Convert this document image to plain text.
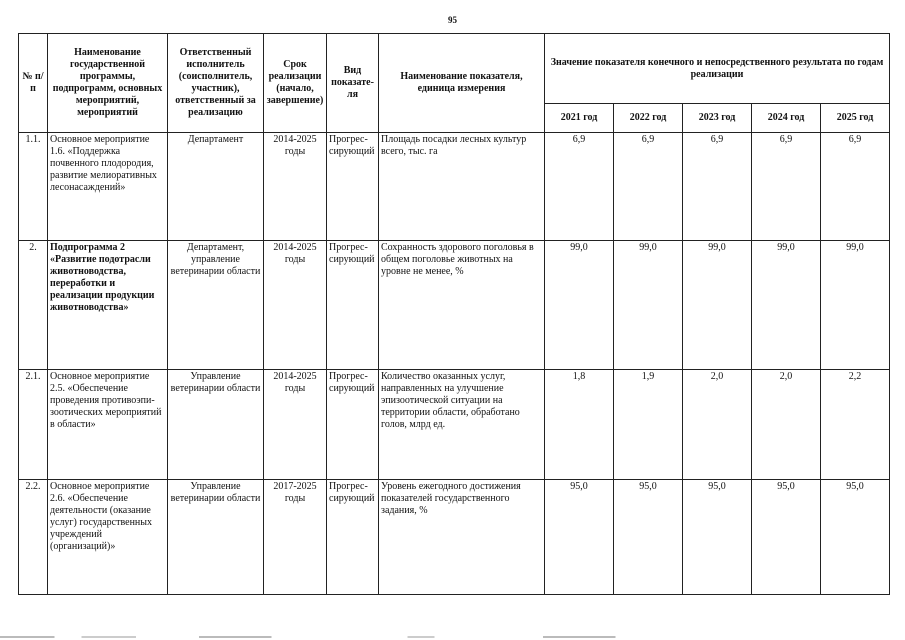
95
№ п/п	Наименование государственной программы, подпрограмм, основных мероприятий, мероприятий	Ответственный исполнитель (соисполнитель, участник), ответственный за реализацию	Срок реализации (начало, завершение)	Вид показате- ля	Наименование показателя, единица измерения	Значение показателя конечного и непосредственного результата по годам реализации				
						2021 год	2022 год	2023 год	2024 год	2025 год
1.1.	Основное мероприятие 1.6. «Поддержка почвенного плодородия, развитие мелиоративных лесонасаждений»	Департамент	2014-2025 годы	Прогрес- сирующий	Площадь посадки лесных культур всего, тыс. га	6,9	6,9	6,9	6,9	6,9
2.	Подпрограмма 2 «Развитие подотрасли животноводства, переработки и реализации продукции животноводства»	Департамент, управление ветеринарии области	2014-2025 годы	Прогрес- сирующий	Сохранность здорового поголовья в общем поголовье животных на уровне не менее, %	99,0	99,0	99,0	99,0	99,0
2.1.	Основное мероприятие 2.5. «Обеспечение проведения противоэпи- зоотических мероприятий в области»	Управление ветеринарии области	2014-2025 годы	Прогрес- сирующий	Количество оказанных услуг, направленных на улучшение эпизоотической ситуации на территории области, обработано голов, млрд ед.	1,8	1,9	2,0	2,0	2,2
2.2.	Основное мероприятие 2.6. «Обеспечение деятельности (оказание услуг) государственных учреждений (организаций)»	Управление ветеринарии области	2017-2025 годы	Прогрес- сирующий	Уровень ежегодного достижения показателей государственного задания, %	95,0	95,0	95,0	95,0	95,0
